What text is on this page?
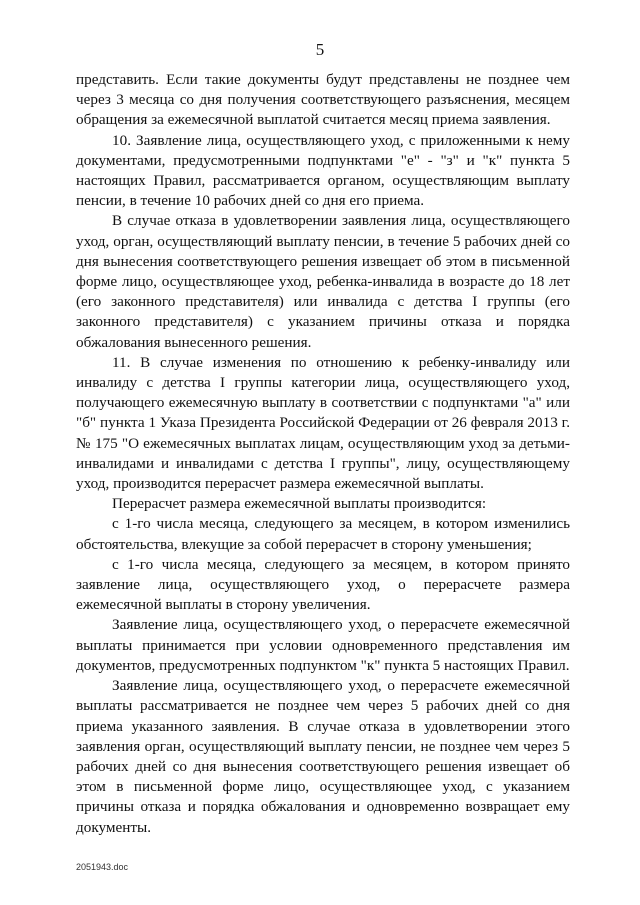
5

представить. Если такие документы будут представлены не позднее чем через 3 месяца со дня получения соответствующего разъяснения, месяцем обращения за ежемесячной выплатой считается месяц приема заявления.

10. Заявление лица, осуществляющего уход, с приложенными к нему документами, предусмотренными подпунктами "е" - "з" и "к" пункта 5 настоящих Правил, рассматривается органом, осуществляющим выплату пенсии, в течение 10 рабочих дней со дня его приема.

В случае отказа в удовлетворении заявления лица, осуществляющего уход, орган, осуществляющий выплату пенсии, в течение 5 рабочих дней со дня вынесения соответствующего решения извещает об этом в письменной форме лицо, осуществляющее уход, ребенка-инвалида в возрасте до 18 лет (его законного представителя) или инвалида с детства I группы (его законного представителя) с указанием причины отказа и порядка обжалования вынесенного решения.

11. В случае изменения по отношению к ребенку-инвалиду или инвалиду с детства I группы категории лица, осуществляющего уход, получающего ежемесячную выплату в соответствии с подпунктами "а" или "б" пункта 1 Указа Президента Российской Федерации от 26 февраля 2013 г. № 175 "О ежемесячных выплатах лицам, осуществляющим уход за детьми-инвалидами и инвалидами с детства I группы", лицу, осуществляющему уход, производится перерасчет размера ежемесячной выплаты.

Перерасчет размера ежемесячной выплаты производится:

с 1-го числа месяца, следующего за месяцем, в котором изменились обстоятельства, влекущие за собой перерасчет в сторону уменьшения;

с 1-го числа месяца, следующего за месяцем, в котором принято заявление лица, осуществляющего уход, о перерасчете размера ежемесячной выплаты в сторону увеличения.

Заявление лица, осуществляющего уход, о перерасчете ежемесячной выплаты принимается при условии одновременного представления им документов, предусмотренных подпунктом "к" пункта 5 настоящих Правил.

Заявление лица, осуществляющего уход, о перерасчете ежемесячной выплаты рассматривается не позднее чем через 5 рабочих дней со дня приема указанного заявления. В случае отказа в удовлетворении этого заявления орган, осуществляющий выплату пенсии, не позднее чем через 5 рабочих дней со дня вынесения соответствующего решения извещает об этом в письменной форме лицо, осуществляющее уход, с указанием причины отказа и порядка обжалования и одновременно возвращает ему документы.

2051943.doc
